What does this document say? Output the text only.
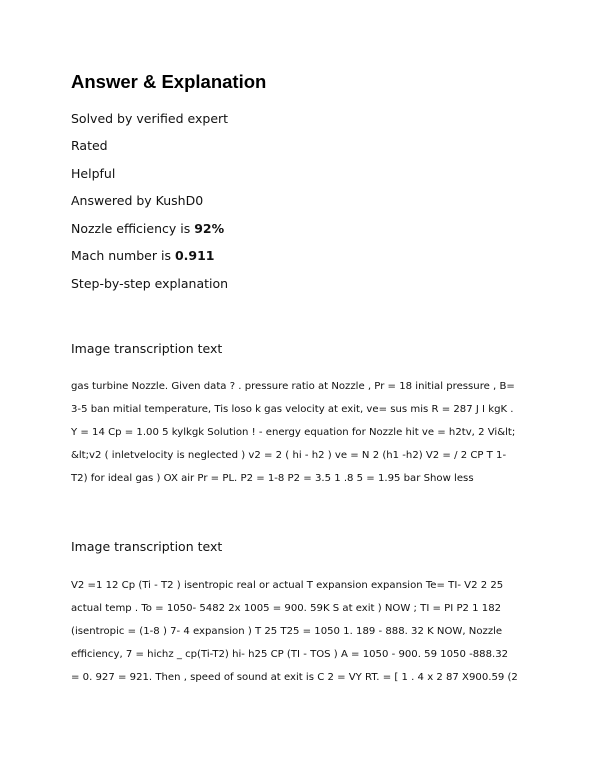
Answer & Explanation
Solved by verified expert
Rated
Helpful
Answered by KushD0
Nozzle efficiency is 92%
Mach number is 0.911
Step-by-step explanation
Image transcription text
gas turbine Nozzle. Given data ? . pressure ratio at Nozzle , Pr = 18 initial pressure , B=
3-5 ban mitial temperature, Tis loso k gas velocity at exit, ve= sus mis R = 287 J I kgK .
Y = 14 Cp = 1.00 5 kylkgk Solution ! - energy equation for Nozzle hit ve = h2tv, 2 Vi&lt;
&lt;v2 ( inletvelocity is neglected ) v2 = 2 ( hi - h2 ) ve = N 2 (h1 -h2) V2 = / 2 CP T 1-
T2) for ideal gas ) OX air Pr = PL. P2 = 1-8 P2 = 3.5 1 .8 5 = 1.95 bar Show less
Image transcription text
V2 =1 12 Cp (Ti - T2 ) isentropic real or actual T expansion expansion Te= TI- V2 2 25
actual temp . To = 1050- 5482 2x 1005 = 900. 59K S at exit ) NOW ; TI = PI P2 1 182
(isentropic = (1-8 ) 7- 4 expansion ) T 25 T25 = 1050 1. 189 - 888. 32 K NOW, Nozzle
efficiency, 7 = hichz _ cp(Ti-T2) hi- h25 CP (TI - TOS ) A = 1050 - 900. 59 1050 -888.32
= 0. 927 = 921. Then , speed of sound at exit is C 2 = VY RT. = [ 1 . 4 x 2 87 X900.59 (2
